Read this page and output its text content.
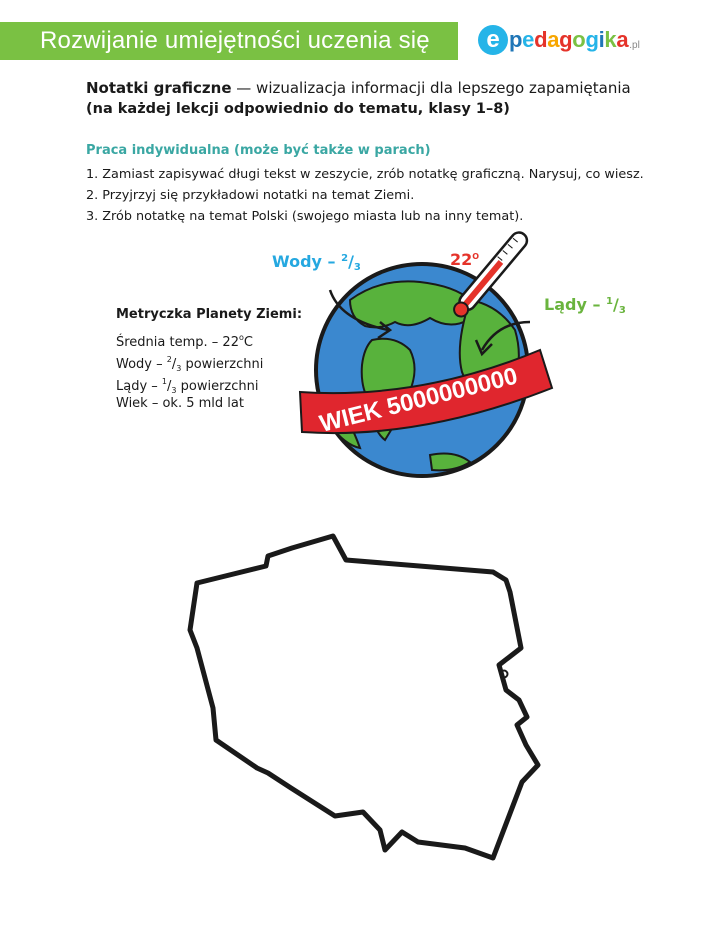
Rozwijanie umiejętności uczenia się	e pedagogika .pl
Notatki graficzne — wizualizacja informacji dla lepszego zapamiętania
(na każdej lekcji odpowiednio do tematu, klasy 1–8)
Praca indywidualna (może być także w parach)
1. Zamiast zapisywać długi tekst w zeszycie, zrób notatkę graficzną. Narysuj, co wiesz.
2. Przyjrzyj się przykładowi notatki na temat Ziemi.
3. Zrób notatkę na temat Polski (swojego miasta lub na inny temat).
Metryczka Planety Ziemi:
Średnia temp. – 22$^o$C
Wody – $^2/_3$ powierzchni
Lądy – $^1/_3$ powierzchni
Wiek – ok. 5 mld lat	WIEK 5000000000
Wody – $^2/_3$	$22^O$
Lądy – $^1/_3$
